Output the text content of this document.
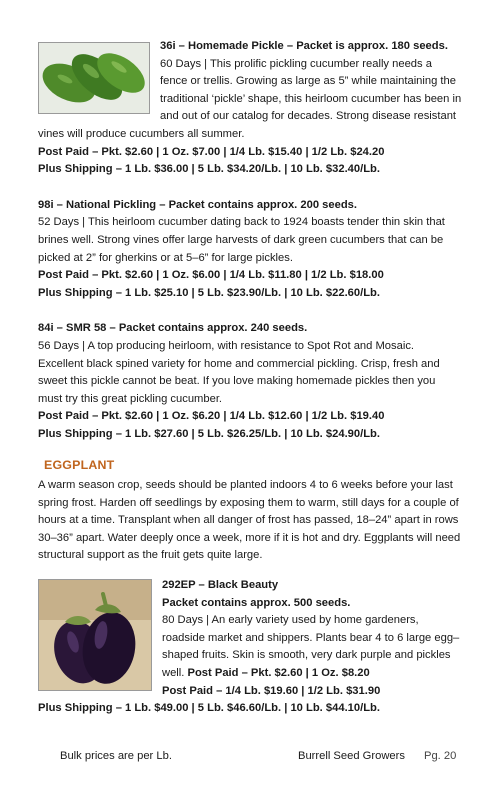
36i – Homemade Pickle – Packet is approx. 180 seeds.
60 Days | This prolific pickling cucumber really needs a fence or trellis. Growing as large as 5” while maintaining the traditional ‘pickle’ shape, this heirloom cucumber has been in and out of our catalog for decades. Strong disease resistant vines will produce cucumbers all summer.
Post Paid – Pkt. $2.60 | 1 Oz. $7.00 | 1/4 Lb. $15.40 | 1/2 Lb. $24.20
Plus Shipping – 1 Lb. $36.00 | 5 Lb. $34.20/Lb. | 10 Lb. $32.40/Lb.
98i – National Pickling – Packet contains approx. 200 seeds.
52 Days | This heirloom cucumber dating back to 1924 boasts tender thin skin that brines well. Strong vines offer large harvests of dark green cucumbers that can be picked at 2” for gherkins or at 5–6” for large pickles.
Post Paid – Pkt. $2.60 | 1 Oz. $6.00 | 1/4 Lb. $11.80 | 1/2 Lb. $18.00
Plus Shipping – 1 Lb. $25.10 | 5 Lb. $23.90/Lb. | 10 Lb. $22.60/Lb.
84i – SMR 58 – Packet contains approx. 240 seeds.
56 Days | A top producing heirloom, with resistance to Spot Rot and Mosaic. Excellent black spined variety for home and commercial pickling. Crisp, fresh and sweet this pickle cannot be beat. If you love making homemade pickles then you must try this great pickling cucumber.
Post Paid – Pkt. $2.60 | 1 Oz. $6.20 | 1/4 Lb. $12.60 | 1/2 Lb. $19.40
Plus Shipping – 1 Lb. $27.60 | 5 Lb. $26.25/Lb. | 10 Lb. $24.90/Lb.
EGGPLANT
A warm season crop, seeds should be planted indoors 4 to 6 weeks before your last spring frost. Harden off seedlings by exposing them to warm, still days for a couple of hours at a time. Transplant when all danger of frost has passed, 18–24” apart in rows 30–36” apart. Water deeply once a week, more if it is hot and dry. Eggplants will need structural support as the fruit gets quite large.
292EP – Black Beauty
Packet contains approx. 500 seeds.
80 Days | An early variety used by home gardeners, roadside market and shippers. Plants bear 4 to 6 large egg–shaped fruits. Skin is smooth, very dark purple and pickles well. Post Paid – Pkt. $2.60 | 1 Oz. $8.20
Post Paid – 1/4 Lb. $19.60 | 1/2 Lb. $31.90
Plus Shipping – 1 Lb. $49.00 | 5 Lb. $46.60/Lb. | 10 Lb. $44.10/Lb.
Bulk prices are per Lb.	Burrell Seed Growers Pg. 20
